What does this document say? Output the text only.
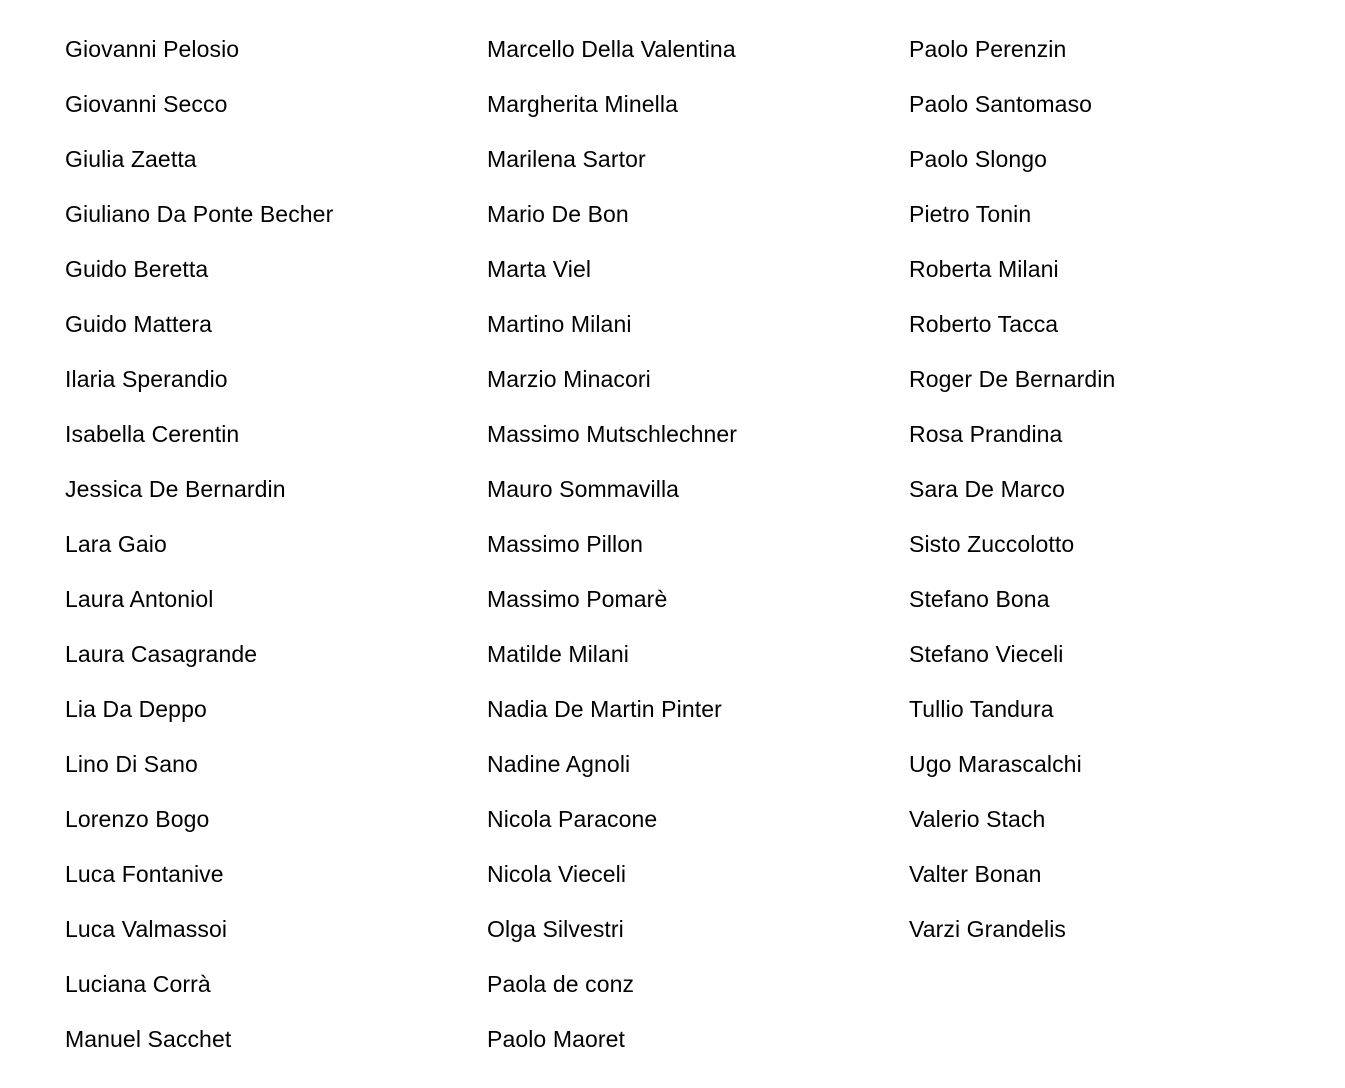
Giovanni Pelosio
Giovanni Secco
Giulia Zaetta
Giuliano Da Ponte Becher
Guido Beretta
Guido Mattera
Ilaria Sperandio
Isabella Cerentin
Jessica De Bernardin
Lara Gaio
Laura Antoniol
Laura Casagrande
Lia Da Deppo
Lino Di Sano
Lorenzo Bogo
Luca Fontanive
Luca Valmassoi
Luciana Corrà
Manuel Sacchet
Marcello Della Valentina
Margherita Minella
Marilena Sartor
Mario De Bon
Marta Viel
Martino Milani
Marzio Minacori
Massimo Mutschlechner
Mauro Sommavilla
Massimo Pillon
Massimo Pomarè
Matilde Milani
Nadia De Martin Pinter
Nadine Agnoli
Nicola Paracone
Nicola Vieceli
Olga Silvestri
Paola de conz
Paolo Maoret
Paolo Perenzin
Paolo Santomaso
Paolo Slongo
Pietro Tonin
Roberta Milani
Roberto Tacca
Roger De Bernardin
Rosa Prandina
Sara De Marco
Sisto Zuccolotto
Stefano Bona
Stefano Vieceli
Tullio Tandura
Ugo Marascalchi
Valerio Stach
Valter Bonan
Varzi Grandelis
